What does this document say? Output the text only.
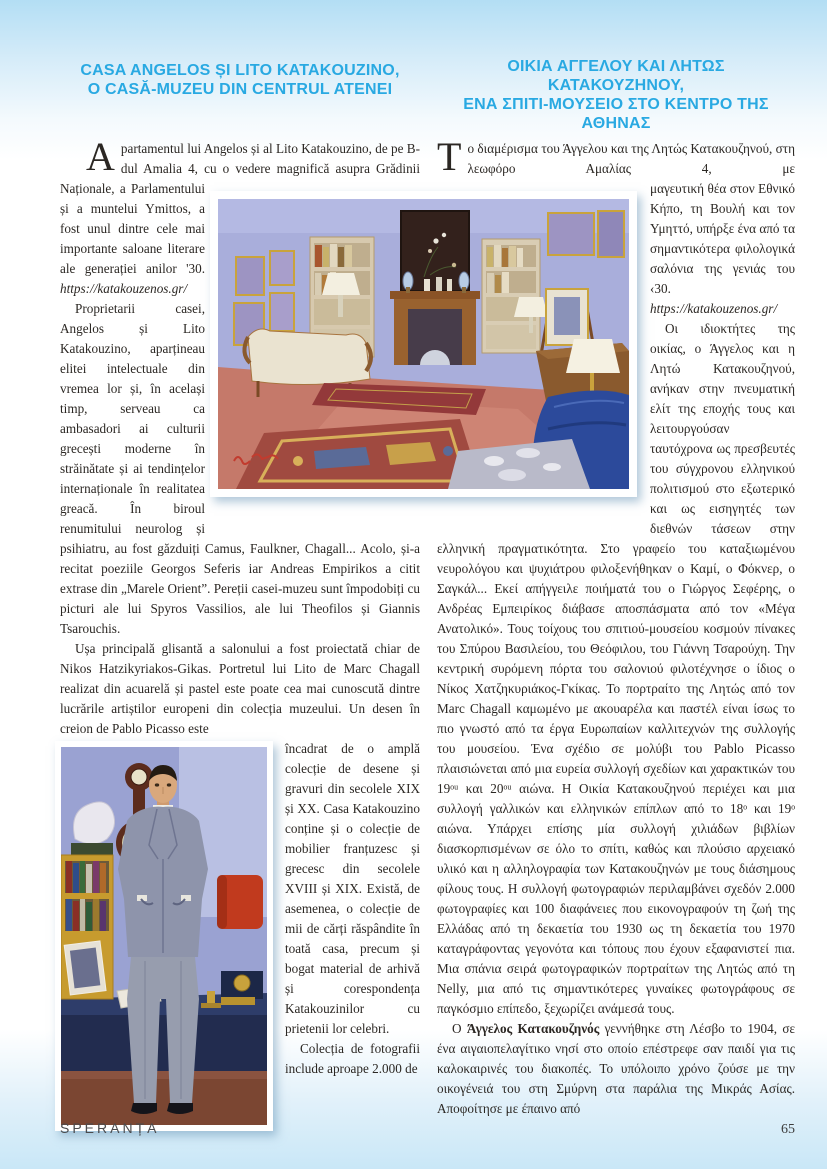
CASA ANGELOS ȘI LITO KATAKOUZINO,
O CASĂ-MUZEU DIN CENTRUL ATENEI

Apartamentul lui Angelos și al Lito Katakouzino, de pe B-dul Amalia 4, cu o vedere magnifică asupra Grădinii

Naționale, a Parlamentului și a muntelui Ymittos, a fost unul dintre cele mai importante saloane literare ale generației anilor '30. https://katakouzenos.gr/

Proprietarii casei, Angelos și Lito Katakouzino, aparțineau elitei intelectuale din vremea lor și, în același timp, serveau ca ambasadori ai culturii grecești moderne în străinătate și ai tendințelor internaționale în realitatea greacă. În biroul renumitului neurolog și psihiatru, au fost găzduiți Camus, Faulkner, Chagall... Acolo, și-a recitat poeziile Georgos Seferis iar Andreas Empirikos a citit extrase din „Marele Orient”. Pereții casei-muzeu sunt împodobiți cu picturi ale lui Spyros Vassilios, ale lui Theofilos și Giannis Tsarouchis.

Ușa principală glisantă a salonului a fost proiectată chiar de Nikos Hatzikyriakos-Gikas. Portretul lui Lito de Marc Chagall realizat din acuarelă și pastel este poate cea mai cunoscută dintre lucrările artiștilor europeni din colecția muzeului. Un desen în creion de Pablo Picasso este

încadrat de o amplă colecție de desene și gravuri din secolele XIX și XX. Casa Katakouzino conține și o colecție de mobilier franțuzesc și grecesc din secolele XVIII și XIX. Există, de asemenea, o colecție de mii de cărți răspândite în toată casa, precum și bogat material de arhivă și corespondența Katakouzinilor cu prietenii lor celebri.

Colecția de fotografii include aproape 2.000 de

ΟΙΚΙΑ ΑΓΓΕΛΟΥ ΚΑΙ ΛΗΤΩΣ
ΚΑΤΑΚΟΥΖΗΝΟΥ,
ΕΝΑ ΣΠΙΤΙ-ΜΟΥΣΕΙΟ ΣΤΟ ΚΕΝΤΡΟ ΤΗΣ
ΑΘΗΝΑΣ

Το διαμέρισμα του Άγγελου και της Λητώς Κατακουζηνού, στη λεωφόρο Αμαλίας 4, με

μαγευτική θέα στον Εθνικό Κήπο, τη Βουλή και τον Υμηττό, υπήρξε ένα από τα σημαντικότερα φιλολογικά σαλόνια της γενιάς του ‹30. https://katakouzenos.gr/

Οι ιδιοκτήτες της οικίας, ο Άγγελος και η Λητώ Κατακουζηνού, ανήκαν στην πνευματική ελίτ της εποχής τους και λειτουργούσαν ταυτόχρονα ως πρεσβευτές του σύγχρονου ελληνικού πολιτισμού στο εξωτερικό και ως εισηγητές των διεθνών τάσεων στην ελληνική πραγματικότητα. Στο γραφείο του καταξιωμένου νευρολόγου και ψυχιάτρου φιλοξενήθηκαν ο Καμί, ο Φόκνερ, ο Σαγκάλ... Εκεί απήγγειλε ποιήματά του ο Γιώργος Σεφέρης, ο Ανδρέας Εμπειρίκος διάβασε αποσπάσματα από τον «Μέγα Ανατολικό». Τους τοίχους του σπιτιού-μουσείου κοσμούν πίνακες του Σπύρου Βασιλείου, του Θεόφιλου, του Γιάννη Τσαρούχη. Την κεντρική συρόμενη πόρτα του σαλονιού φιλοτέχνησε ο ίδιος ο Νίκος Χατζηκυριάκος-Γκίκας. Το πορτραίτο της Λητώς από τον Marc Chagall καμωμένο με ακουαρέλα και παστέλ είναι ίσως το πιο γνωστό από τα έργα Ευρωπαίων καλλιτεχνών της συλλογής του μουσείου. Ένα σχέδιο σε μολύβι του Pablo Picasso πλαισιώνεται από μια ευρεία συλλογή σχεδίων και χαρακτικών του 19ᵒᵘ και 20ᵒᵘ αιώνα. Η Οικία Κατακουζηνού περιέχει και μια συλλογή γαλλικών και ελληνικών επίπλων από το 18ᵒ και 19ᵒ αιώνα. Υπάρχει επίσης μία συλλογή χιλιάδων βιβλίων διασκορπισμένων σε όλο το σπίτι, καθώς και πλούσιο αρχειακό υλικό και η αλληλογραφία των Κατακουζηνών με τους διάσημους φίλους τους. Η συλλογή φωτογραφιών περιλαμβάνει σχεδόν 2.000 φωτογραφίες και 100 διαφάνειες που εικονογραφούν τη ζωή της Ελλάδας από τη δεκαετία του 1930 ως τη δεκαετία του 1970 καταγράφοντας γεγονότα και τόπους που έχουν εξαφανιστεί πια. Μια σπάνια σειρά φωτογραφικών πορτραίτων της Λητώς από τη Nelly, μια από τις σημαντικότερες γυναίκες φωτογράφους σε παγκόσμιο επίπεδο, ξεχωρίζει ανάμεσά τους.

Ο Άγγελος Κατακουζηνός γεννήθηκε στη Λέσβο το 1904, σε ένα αιγαιοπελαγίτικο νησί στο οποίο επέστρεφε σαν παιδί για τις καλοκαιρινές του διακοπές. Το υπόλοιπο χρόνο ζούσε με την οικογένειά του στη Σμύρνη στα παράλια της Μικράς Ασίας. Αποφοίτησε με έπαινο από

SPERANȚA	65
